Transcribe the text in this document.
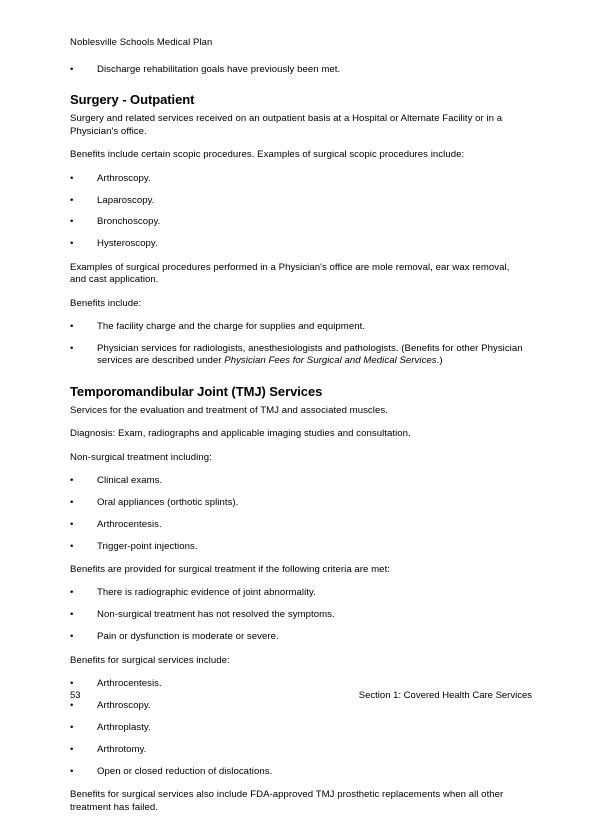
Noblesville Schools Medical Plan
•	Discharge rehabilitation goals have previously been met.
Surgery - Outpatient

Surgery and related services received on an outpatient basis at a Hospital or Alternate Facility or in a Physician's office.

Benefits include certain scopic procedures. Examples of surgical scopic procedures include:

•	Arthroscopy.
•	Laparoscopy.
•	Bronchoscopy.
•	Hysteroscopy.

Examples of surgical procedures performed in a Physician's office are mole removal, ear wax removal, and cast application.

Benefits include:

•	The facility charge and the charge for supplies and equipment.
•	Physician services for radiologists, anesthesiologists and pathologists. (Benefits for other Physician services are described under Physician Fees for Surgical and Medical Services.)
Temporomandibular Joint (TMJ) Services

Services for the evaluation and treatment of TMJ and associated muscles.

Diagnosis: Exam, radiographs and applicable imaging studies and consultation.

Non-surgical treatment including:

•	Clinical exams.
•	Oral appliances (orthotic splints).
•	Arthrocentesis.
•	Trigger-point injections.

Benefits are provided for surgical treatment if the following criteria are met:

•	There is radiographic evidence of joint abnormality.
•	Non-surgical treatment has not resolved the symptoms.
•	Pain or dysfunction is moderate or severe.

Benefits for surgical services include:

•	Arthrocentesis.
•	Arthroscopy.
•	Arthroplasty.
•	Arthrotomy.
•	Open or closed reduction of dislocations.

Benefits for surgical services also include FDA-approved TMJ prosthetic replacements when all other treatment has failed.

53	Section 1: Covered Health Care Services
